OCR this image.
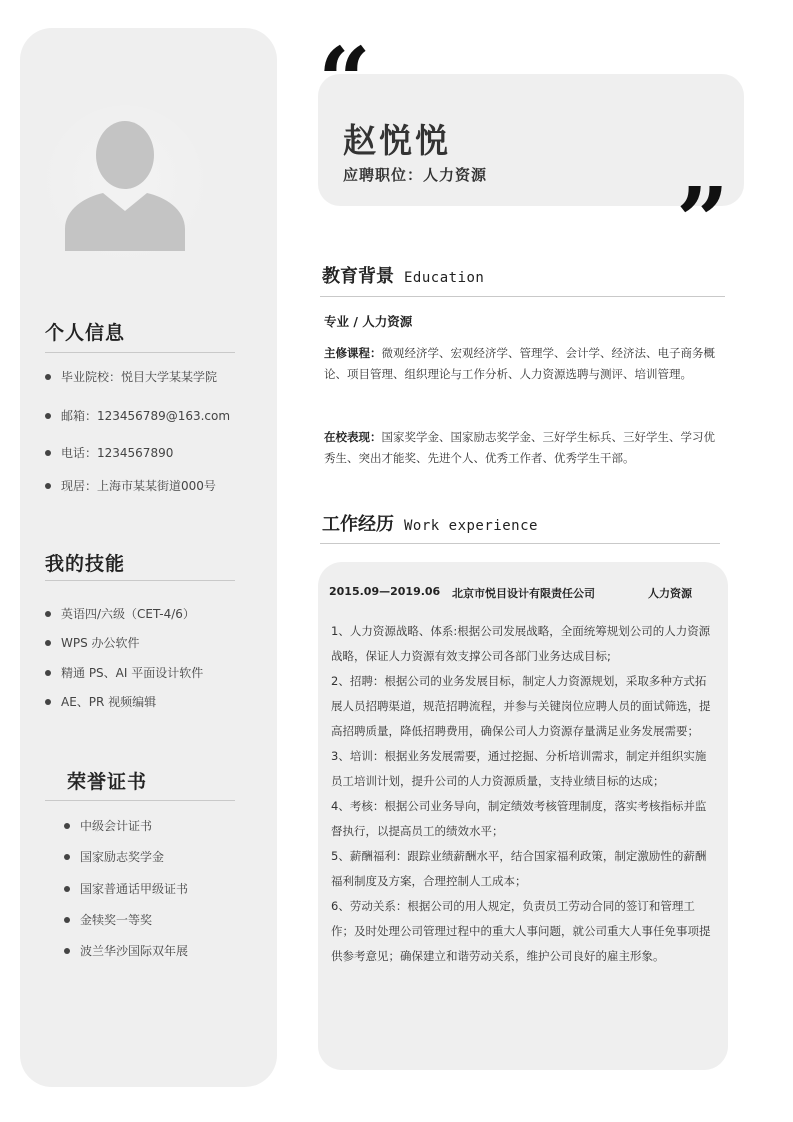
个人信息
毕业院校：悦目大学某某学院
邮箱：123456789@163.com
电话：1234567890
现居：上海市某某街道000号
我的技能
英语四/六级（CET-4/6）
WPS 办公软件
精通 PS、AI 平面设计软件
AE、PR 视频编辑
荣誉证书
中级会计证书
国家励志奖学金
国家普通话甲级证书
金犊奖一等奖
波兰华沙国际双年展
“
”
赵悦悦
应聘职位：人力资源
教育背景 Education
专业 / 人力资源
主修课程：微观经济学、宏观经济学、管理学、会计学、经济法、电子商务概论、项目管理、组织理论与工作分析、人力资源选聘与测评、培训管理。
在校表现：国家奖学金、国家励志奖学金、三好学生标兵、三好学生、学习优秀生、突出才能奖、先进个人、优秀工作者、优秀学生干部。
工作经历 Work experience
2015.09—2019.06 北京市悦目设计有限责任公司	人力资源
1、人力资源战略、体系:根据公司发展战略，全面统筹规划公司的人力资源战略，保证人力资源有效支撑公司各部门业务达成目标;
2、招聘：根据公司的业务发展目标，制定人力资源规划，采取多种方式拓展人员招聘渠道，规范招聘流程，并参与关键岗位应聘人员的面试筛选，提高招聘质量，降低招聘费用，确保公司人力资源存量满足业务发展需要；
3、培训：根据业务发展需要，通过挖掘、分析培训需求，制定并组织实施员工培训计划，提升公司的人力资源质量，支持业绩目标的达成；
4、考核：根据公司业务导向，制定绩效考核管理制度，落实考核指标并监督执行，以提高员工的绩效水平；
5、薪酬福利：跟踪业绩薪酬水平，结合国家福利政策，制定激励性的薪酬福利制度及方案，合理控制人工成本；
6、劳动关系：根据公司的用人规定，负责员工劳动合同的签订和管理工作；及时处理公司管理过程中的重大人事问题，就公司重大人事任免事项提供参考意见；确保建立和谐劳动关系，维护公司良好的雇主形象。
